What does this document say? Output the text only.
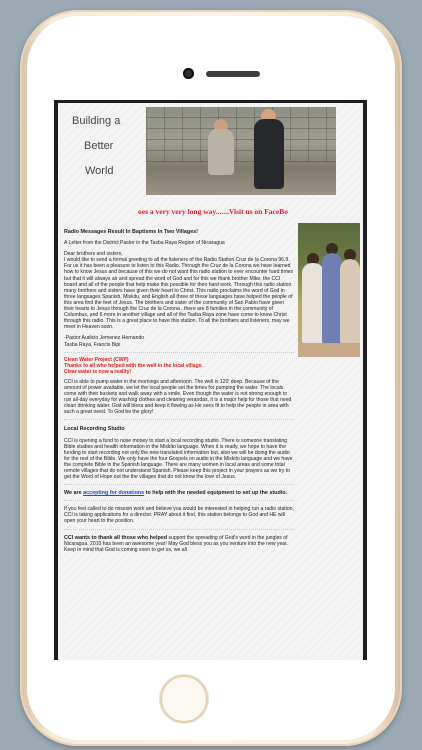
Building a
Better
World
oes a very very long way.......Visit us on FaceBo
Radio Messages Result In Baptisms In Two Villages!
A Letter from the District Pastor in the Tasba Raya Region of Nicaragua
Dear brothers and sisters,
I would like to send a formal greeting to all the listeners of the Radio Station Cruz de la Corona 96.9. For us it has been a pleasure to listen to this Radio. Through the Cruz de la Corona we have learned how to know Jesus and because of this we do not want this radio station to ever encounter hard times but that it will always air and spread the word of God and for this we thank brother Mike, the CCI board and all of the people that help make this possible for their hard work. Through this radio station many brothers and sisters have given their heart to Christ. This radio proclaims the word of God in three languages Spanish, Miskitu, and English all three of these languages have helped the people of this area find the feet of Jesus. The brothers and sister of the community of San Pablo have given their hearts to Jesus through the Cruz de la Corona , there are 8 families in the community of Columbus, and 6 more in another village and all of the Tasba Raya zone have come to know Christ through this radio. This is a great place to have this station. To all the brothers and listeners, may we meet in Heaven soon.
-Pastor Audicio Jemenez Hernando
Tasba Raya, Francis Bipi
Clean Water Project (CWP)
Thanks to all who helped with the well in the local village.
Clear water is now a reality!
CCI is able to pump water in the mornings and afternoon. The well is 120' deep. Because of the amount of power available, we let the local people set the times for pumping the water. The locals come with their buckets and walk away with a smile. Even though the water is not strong enough to run all-day everyday for washing clothes and cleaning verandas, it is a major help for those that need clean drinking water. God will bless and keep it flowing as He sees fit to help the people in area with such a great need. To God be the glory!
Local Recording Studio
CCI is opening a fund to raise money to start a local recording studio. There is someone translating Bible studies and health information in the Miskito language. When it is ready, we hope to have the funding to start recording not only the new translated information but, also we will be doing the audio for the rest of the Bible. We only have the four Gospels on audio in the Miskito language and we have the complete Bible in the Spanish language. There are many women in local areas and some total remote villages that do not understand Spanish. Please keep this project in your prayers as we try to get the Word of Hope out the the villages that do not know the love of Jesus.
We are accepting for donations to help with the needed equipment to set up the studio.
If you feel called to do mission work and believe you would be interested in helping run a radio station, CCI is taking applications for a director. PRAY about it first, this station belongs to God and HE will open your heart to the position.
CCI wants to thank all those who helped support the spreading of God's word in the jungles of Nicaragua. 2010 has been an awesome year! May God bless you as you venture into the new year. Keep in mind that God is coming soon to get us, we all
